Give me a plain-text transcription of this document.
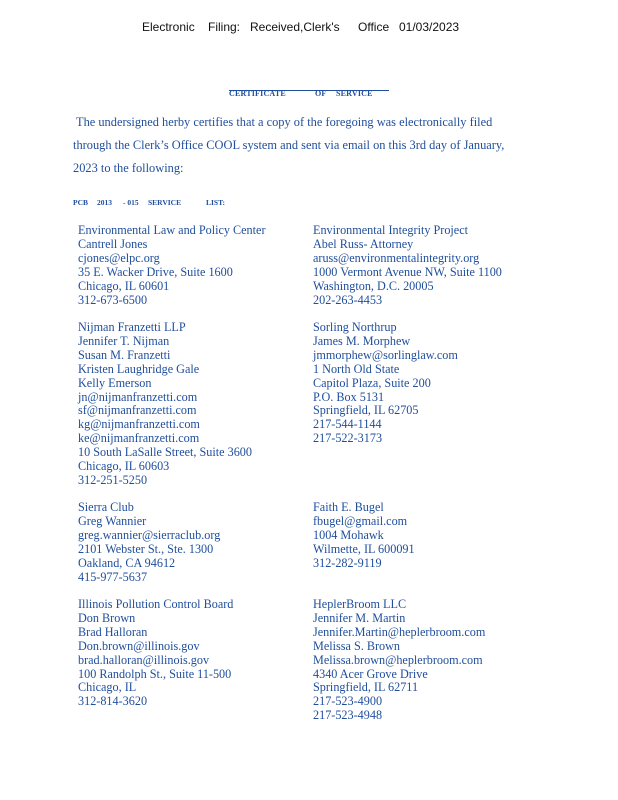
Electronic Filing: Received,Clerk's Office 01/03/2023
CERTIFICATE	OF SERVICE

The undersigned herby certifies that a copy of the foregoing was electronically filed

through the Clerk’s Office COOL system and sent via email on this 3rd day of January,

2023 to the following:

PCB 2013 - 015 SERVICE	LIST:
Environmental Law and Policy Center
Cantrell Jones
cjones@elpc.org
35 E. Wacker Drive, Suite 1600
Chicago, IL 60601
312-673-6500
Environmental Integrity Project
Abel Russ- Attorney
aruss@environmentalintegrity.org
1000 Vermont Avenue NW, Suite 1100
Washington, D.C. 20005
202-263-4453
Nijman Franzetti LLP
Jennifer T. Nijman
Susan M. Franzetti
Kristen Laughridge Gale
Kelly Emerson
jn@nijmanfranzetti.com
sf@nijmanfranzetti.com
kg@nijmanfranzetti.com
ke@nijmanfranzetti.com
10 South LaSalle Street, Suite 3600
Chicago, IL 60603
312-251-5250
Sorling Northrup
James M. Morphew
jmmorphew@sorlinglaw.com
1 North Old State
Capitol Plaza, Suite 200
P.O. Box 5131
Springfield, IL 62705
217-544-1144
217-522-3173
Sierra Club
Greg Wannier
greg.wannier@sierraclub.org
2101 Webster St., Ste. 1300
Oakland, CA 94612
415-977-5637
Faith E. Bugel
fbugel@gmail.com
1004 Mohawk
Wilmette, IL 600091
312-282-9119
Illinois Pollution Control Board
Don Brown
Brad Halloran
Don.brown@illinois.gov
brad.halloran@illinois.gov
100 Randolph St., Suite 11-500
Chicago, IL
312-814-3620
HeplerBroom LLC
Jennifer M. Martin
Jennifer.Martin@heplerbroom.com
Melissa S. Brown
Melissa.brown@heplerbroom.com
4340 Acer Grove Drive
Springfield, IL 62711
217-523-4900
217-523-4948
